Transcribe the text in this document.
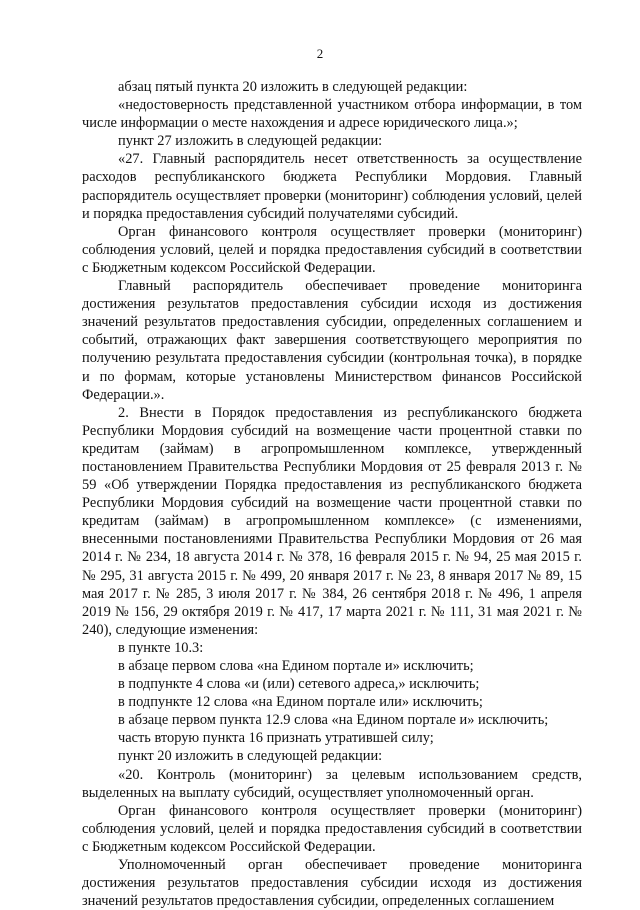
2

абзац пятый пункта 20 изложить в следующей редакции:

«недостоверность представленной участником отбора информации, в том числе информации о месте нахождения и адресе юридического лица.»;

пункт 27 изложить в следующей редакции:

«27. Главный распорядитель несет ответственность за осуществление расходов республиканского бюджета Республики Мордовия. Главный распорядитель осуществляет проверки (мониторинг) соблюдения условий, целей и порядка предоставления субсидий получателями субсидий.

Орган финансового контроля осуществляет проверки (мониторинг) соблюдения условий, целей и порядка предоставления субсидий в соответствии с Бюджетным кодексом Российской Федерации.

Главный распорядитель обеспечивает проведение мониторинга достижения результатов предоставления субсидии исходя из достижения значений результатов предоставления субсидии, определенных соглашением и событий, отражающих факт завершения соответствующего мероприятия по получению результата предоставления субсидии (контрольная точка), в порядке и по формам, которые установлены Министерством финансов Российской Федерации.».

2. Внести в Порядок предоставления из республиканского бюджета Республики Мордовия субсидий на возмещение части процентной ставки по кредитам (займам) в агропромышленном комплексе, утвержденный постановлением Правительства Республики Мордовия от 25 февраля 2013 г. № 59 «Об утверждении Порядка предоставления из республиканского бюджета Республики Мордовия субсидий на возмещение части процентной ставки по кредитам (займам) в агропромышленном комплексе» (с изменениями, внесенными постановлениями Правительства Республики Мордовия от 26 мая 2014 г. № 234, 18 августа 2014 г. № 378, 16 февраля 2015 г. № 94, 25 мая 2015 г. № 295, 31 августа 2015 г. № 499, 20 января 2017 г. № 23, 8 января 2017 № 89, 15 мая 2017 г. № 285, 3 июля 2017 г. № 384, 26 сентября 2018 г. № 496, 1 апреля 2019 № 156, 29 октября 2019 г. № 417, 17 марта 2021 г. № 111, 31 мая 2021 г. № 240), следующие изменения:

в пункте 10.3:

в абзаце первом слова «на Едином портале и» исключить;

в подпункте 4 слова «и (или) сетевого адреса,» исключить;

в подпункте 12 слова «на Едином портале или» исключить;

в абзаце первом пункта 12.9 слова «на Едином портале и» исключить;

часть вторую пункта 16 признать утратившей силу;

пункт 20 изложить в следующей редакции:

«20. Контроль (мониторинг) за целевым использованием средств, выделенных на выплату субсидий, осуществляет уполномоченный орган.

Орган финансового контроля осуществляет проверки (мониторинг) соблюдения условий, целей и порядка предоставления субсидий в соответствии с Бюджетным кодексом Российской Федерации.

Уполномоченный орган обеспечивает проведение мониторинга достижения результатов предоставления субсидии исходя из достижения значений результатов предоставления субсидии, определенных соглашением
